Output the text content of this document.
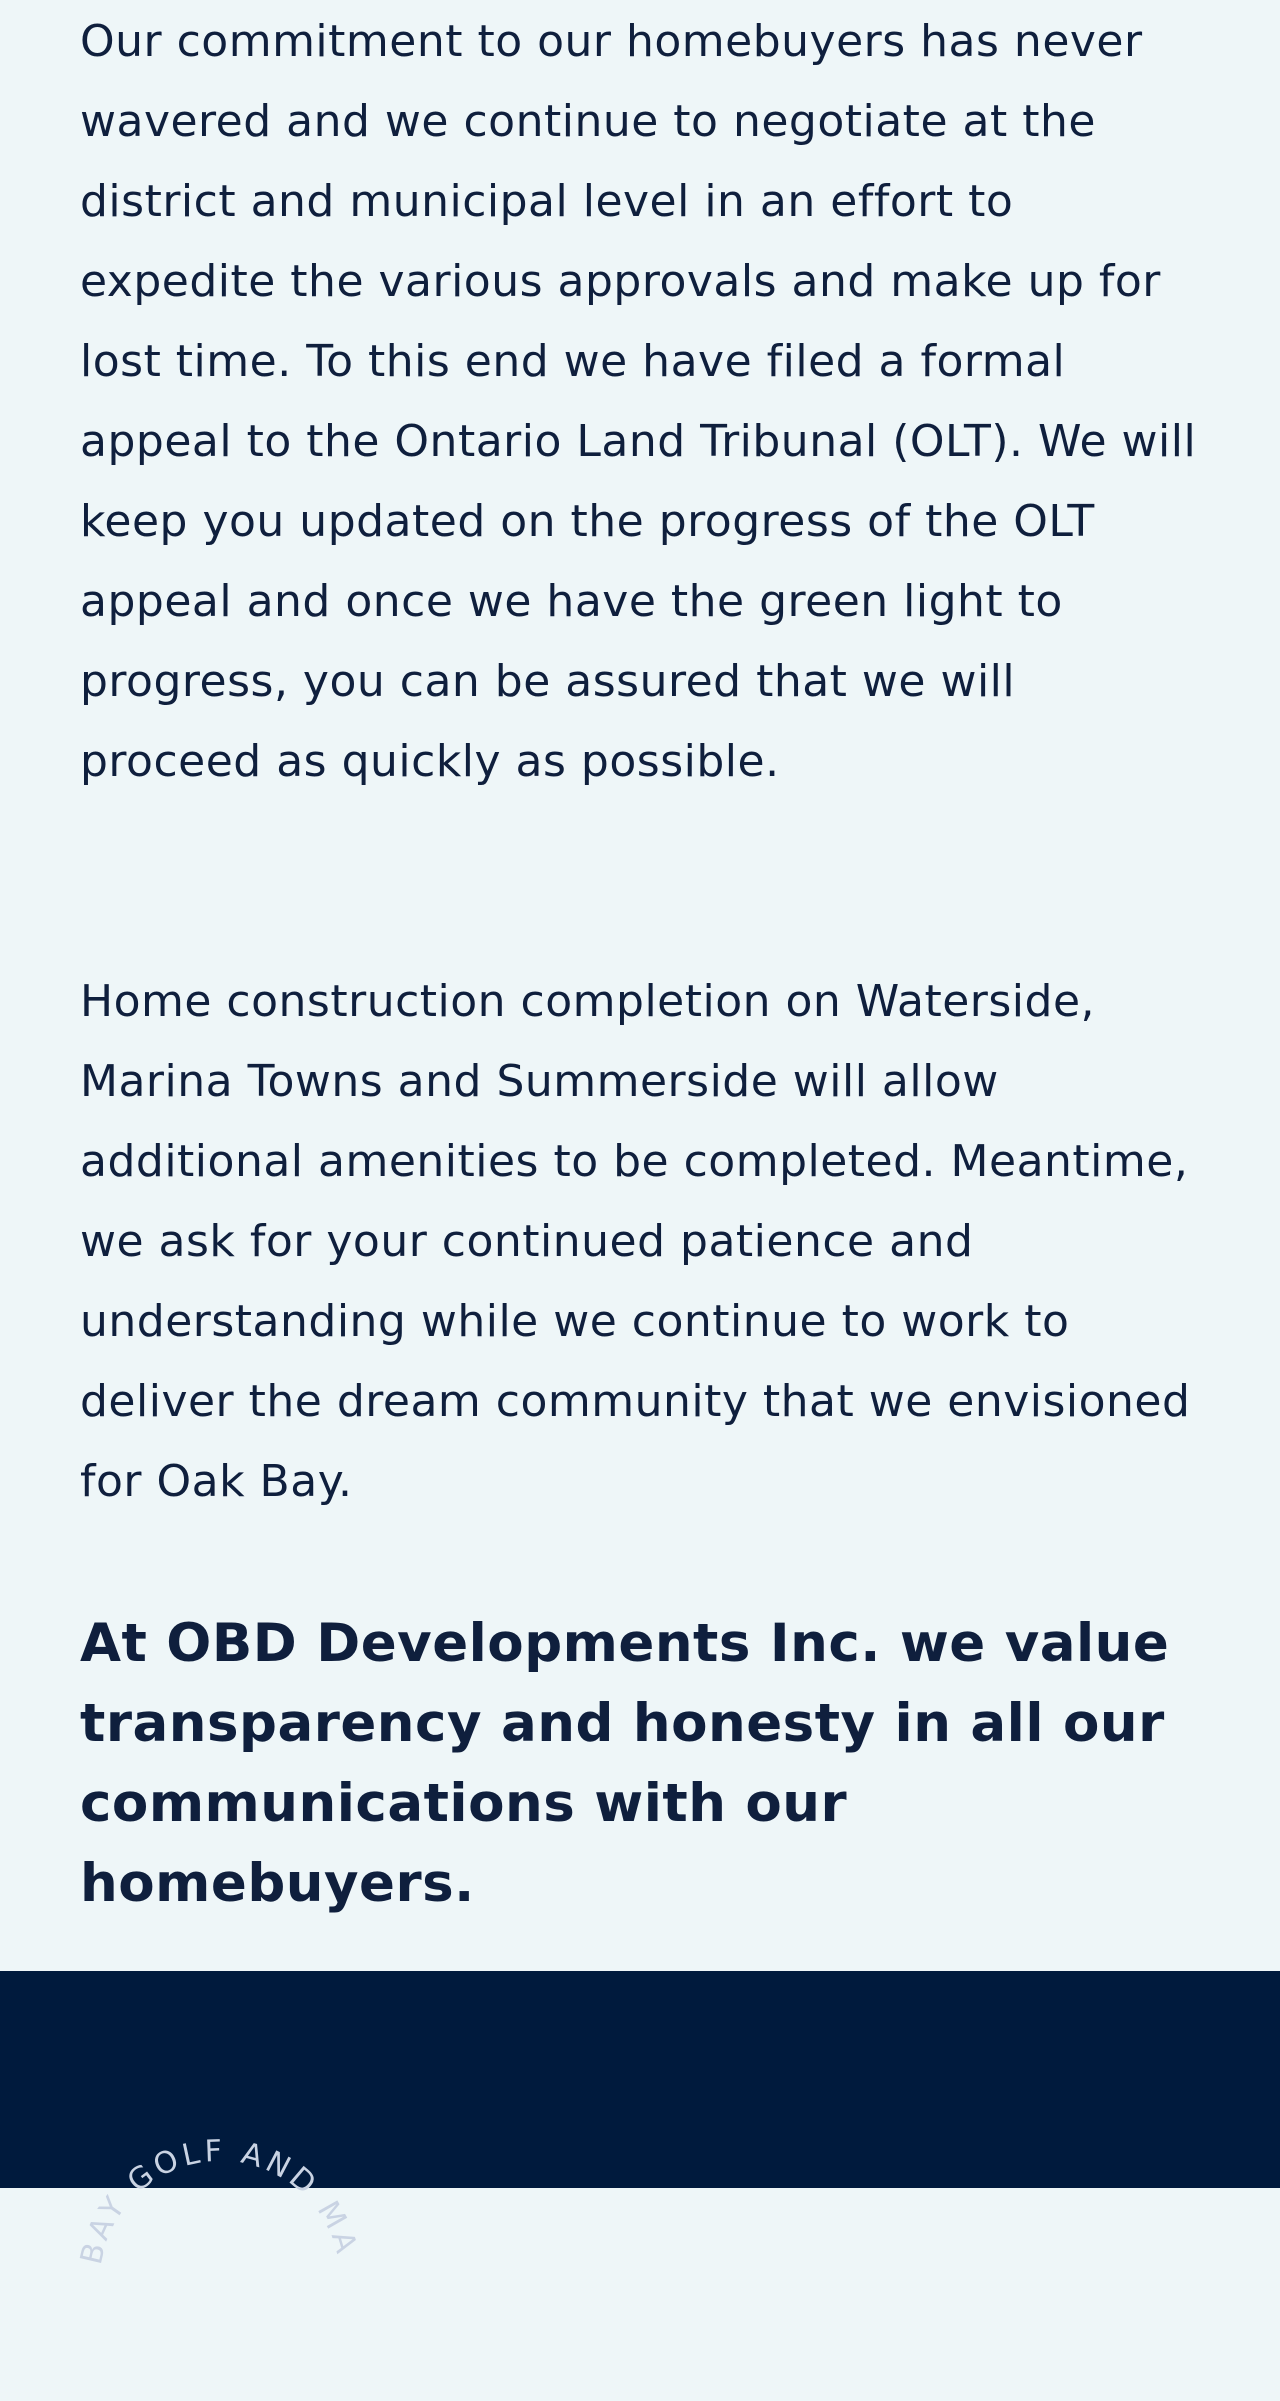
Our commitment to our homebuyers has never wavered and we continue to negotiate at the district and municipal level in an effort to expedite the various approvals and make up for lost time. To this end we have filed a formal appeal to the Ontario Land Tribunal (OLT). We will keep you updated on the progress of the OLT appeal and once we have the green light to progress, you can be assured that we will proceed as quickly as possible.

Home construction completion on Waterside, Marina Towns and Summerside will allow additional amenities to be completed. Meantime, we ask for your continued patience and understanding while we continue to work to deliver the dream community that we envisioned for Oak Bay.

At OBD Developments Inc. we value transparency and honesty in all our communications with our homebuyers.
BAY GOLF AND MA
